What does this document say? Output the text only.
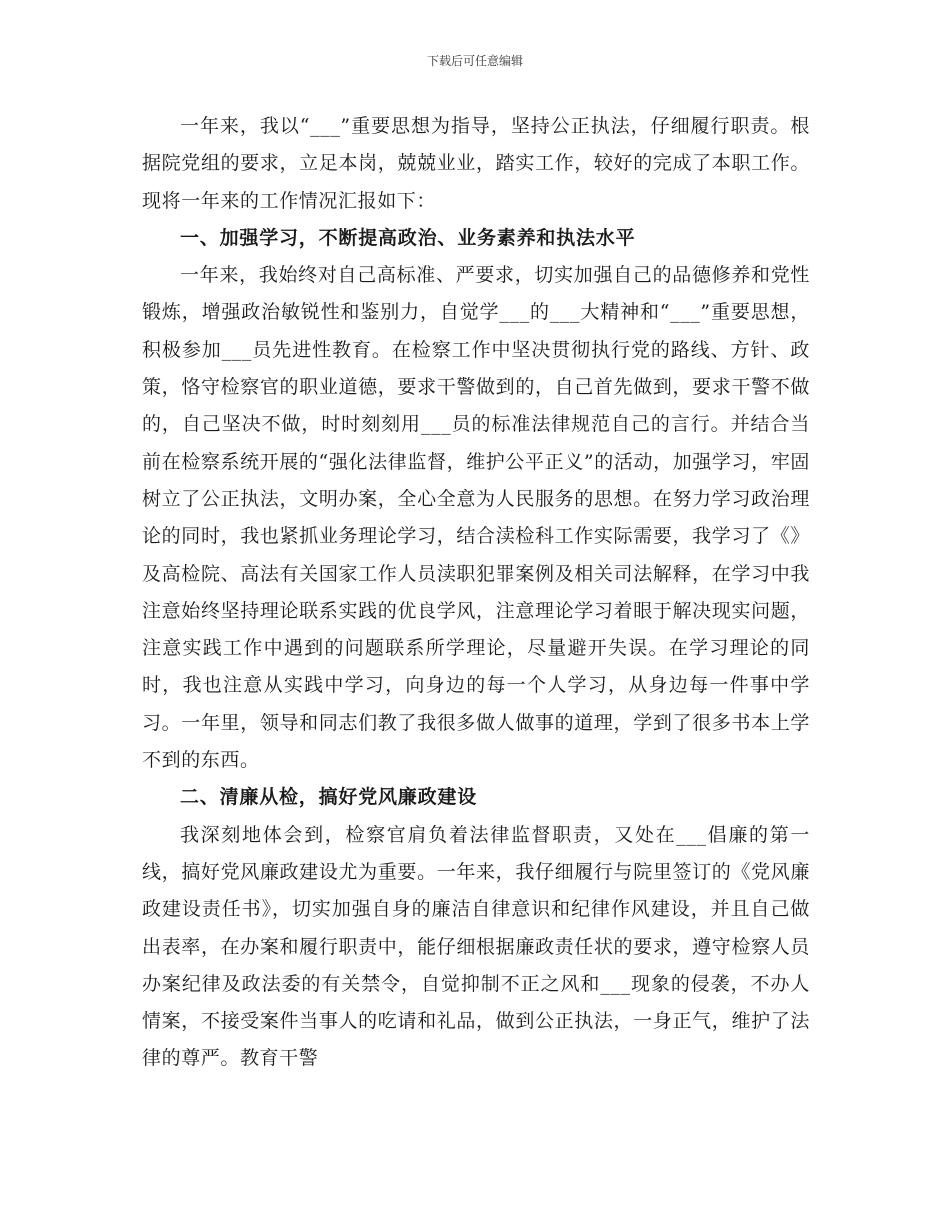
下载后可任意编辑

一年来，我以“___”重要思想为指导，坚持公正执法，仔细履行职责。根据院党组的要求，立足本岗，兢兢业业，踏实工作，较好的完成了本职工作。现将一年来的工作情况汇报如下：

一、加强学习，不断提高政治、业务素养和执法水平

一年来，我始终对自己高标准、严要求，切实加强自己的品德修养和党性锻炼，增强政治敏锐性和鉴别力，自觉学___的___大精神和“___”重要思想，积极参加___员先进性教育。在检察工作中坚决贯彻执行党的路线、方针、政策，恪守检察官的职业道德，要求干警做到的，自己首先做到，要求干警不做的，自己坚决不做，时时刻刻用___员的标准法律规范自己的言行。并结合当前在检察系统开展的“强化法律监督，维护公平正义”的活动，加强学习，牢固树立了公正执法，文明办案，全心全意为人民服务的思想。在努力学习政治理论的同时，我也紧抓业务理论学习，结合渎检科工作实际需要，我学习了《》及高检院、高法有关国家工作人员渎职犯罪案例及相关司法解释，在学习中我注意始终坚持理论联系实践的优良学风，注意理论学习着眼于解决现实问题，注意实践工作中遇到的问题联系所学理论，尽量避开失误。在学习理论的同时，我也注意从实践中学习，向身边的每一个人学习，从身边每一件事中学习。一年里，领导和同志们教了我很多做人做事的道理，学到了很多书本上学不到的东西。

二、清廉从检，搞好党风廉政建设

我深刻地体会到，检察官肩负着法律监督职责，又处在___倡廉的第一线，搞好党风廉政建设尤为重要。一年来，我仔细履行与院里签订的《党风廉政建设责任书》，切实加强自身的廉洁自律意识和纪律作风建设，并且自己做出表率，在办案和履行职责中，能仔细根据廉政责任状的要求，遵守检察人员办案纪律及政法委的有关禁令，自觉抑制不正之风和___现象的侵袭，不办人情案，不接受案件当事人的吃请和礼品，做到公正执法，一身正气，维护了法律的尊严。教育干警
